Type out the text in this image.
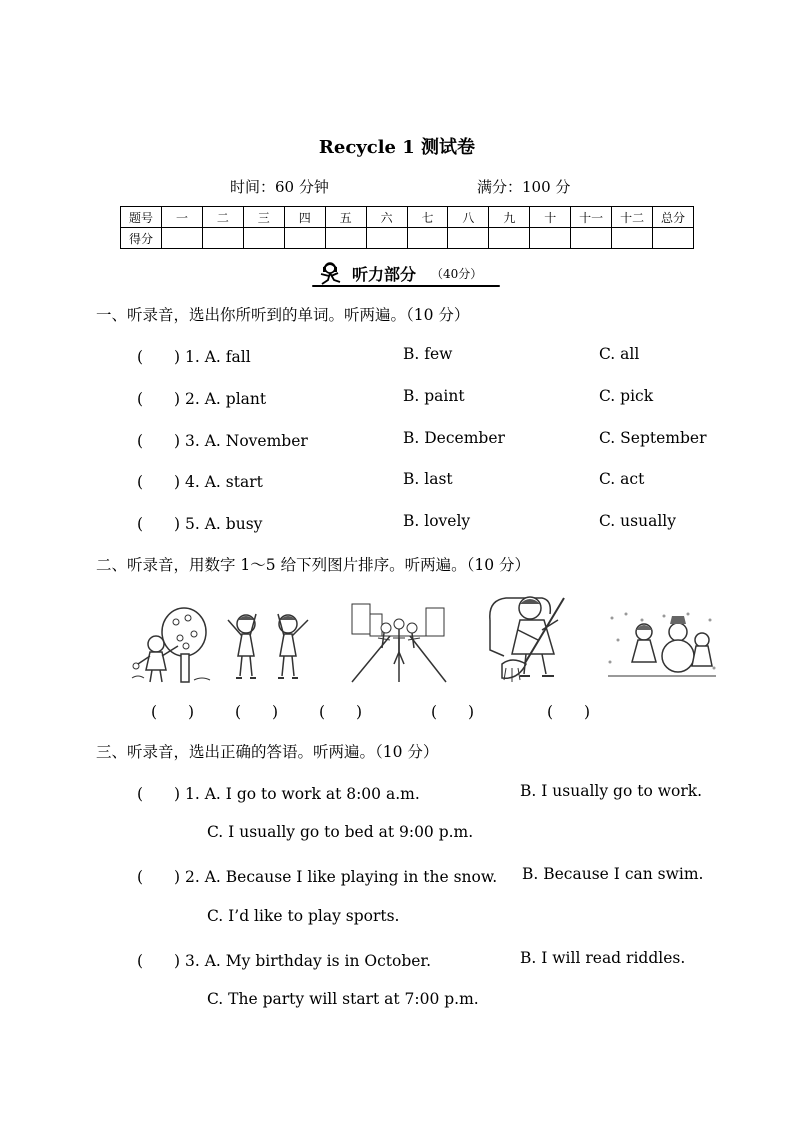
Recycle 1 测试卷
时间：60 分钟	满分：100 分
题号	一	二	三	四	五	六	七	八	九	十	十一	十二	总分
得分													
听力部分 （40分）
一、听录音，选出你所听到的单词。听两遍。（10 分）
(　　) 1. A. fall	B. few	C. all
(　　) 2. A. plant	B. paint	C. pick
(　　) 3. A. November	B. December	C. September
(　　) 4. A. start	B. last	C. act
(　　) 5. A. busy	B. lovely	C. usually
二、听录音，用数字 1～5 给下列图片排序。听两遍。（10 分）
(　　)	(　　)	(　　)	(　　)	(　　)
三、听录音，选出正确的答语。听两遍。（10 分）
(　　) 1. A. I go to work at 8:00 a.m.	B. I usually go to work.
C. I usually go to bed at 9:00 p.m.
(　　) 2. A. Because I like playing in the snow. B. Because I can swim.
C. I’d like to play sports.
(　　) 3. A. My birthday is in October.	B. I will read riddles.
C. The party will start at 7:00 p.m.
